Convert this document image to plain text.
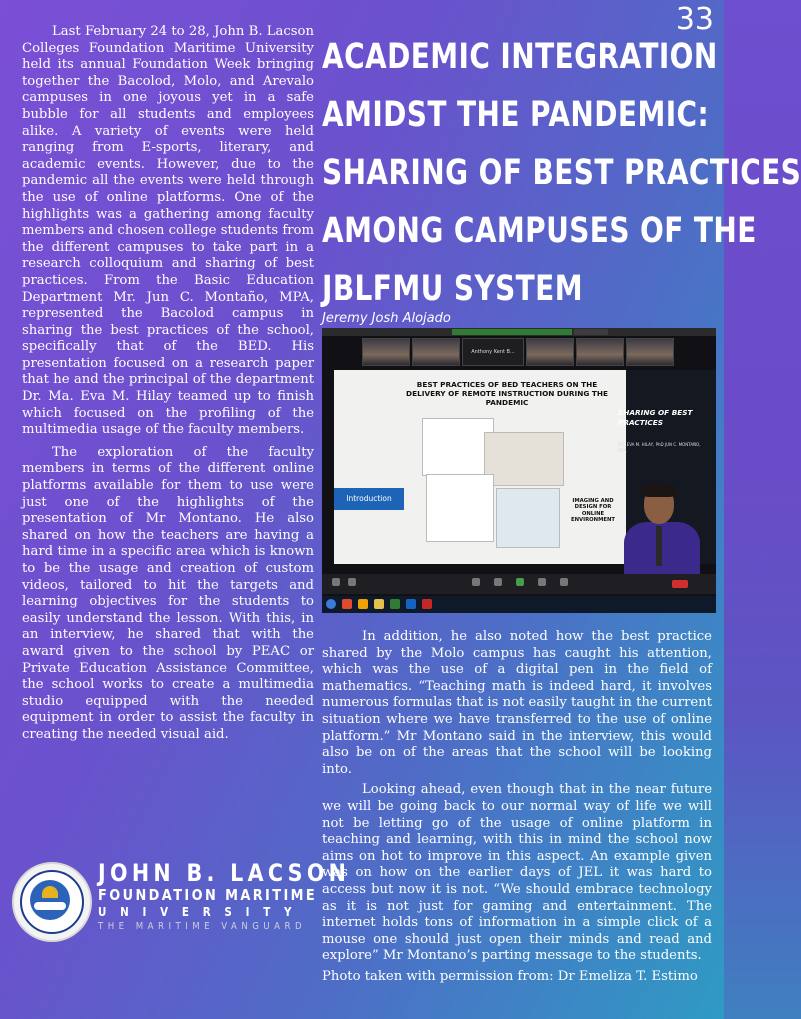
33
ACADEMIC INTEGRATION
AMIDST THE PANDEMIC:
SHARING OF BEST PRACTICES
AMONG CAMPUSES OF THE
JBLFMU SYSTEM

Last February 24 to 28, John B. Lacson Colleges Foundation Maritime University held its annual Foundation Week bringing together the Bacolod, Molo, and Arevalo campuses in one joyous yet in a safe bubble for all students and employees alike. A variety of events were held ranging from E-sports, literary, and academic events. However, due to the pandemic all the events were held through the use of online platforms. One of the highlights was a gathering among faculty members and chosen college students from the different campuses to take part in a research colloquium and sharing of best practices. From the Basic Education Department Mr. Jun C. Montaño, MPA, represented the Bacolod campus in sharing the best practices of the school, specifically that of the BED. His presentation focused on a research paper that he and the principal of the department Dr. Ma. Eva M. Hilay teamed up to finish which focused on the profiling of the multimedia usage of the faculty members.

The exploration of the faculty members in terms of the different online platforms available for them to use were just one of the highlights of the presentation of Mr Montano. He also shared on how the teachers are having a hard time in a specific area which is known to be the usage and creation of custom videos, tailored to hit the targets and learning objectives for the students to easily understand the lesson. With this, in an interview, he shared that with the award given to the school by PEAC or Private Education Assistance Committee, the school works to create a multimedia studio equipped with the needed equipment in order to assist the faculty in creating the needed visual aid.

Jeremy Josh Alojado
Anthony Kent B...
BEST PRACTICES OF BED TEACHERS ON THE DELIVERY OF REMOTE INSTRUCTION DURING THE PANDEMIC
Introduction	IMAGING AND DESIGN FOR ONLINE ENVIRONMENT
SHARING OF BEST PRACTICES
MA. EVA M. HILAY, PhD JUN C. MONTAÑO, MPA

In addition, he also noted how the best practice shared by the Molo campus has caught his attention, which was the use of a digital pen in the field of mathematics. “Teaching math is indeed hard, it involves numerous formulas that is not easily taught in the current situation where we have transferred to the use of online platform.” Mr Montano said in the interview, this would also be on of the areas that the school will be looking into.

Looking ahead, even though that in the near future we will be going back to our normal way of life we will not be letting go of the usage of online platform in teaching and learning, with this in mind the school now aims on hot to improve in this aspect. An example given was on how on the earlier days of JEL it was hard to access but now it is not. “We should embrace technology as it is not just for gaming and entertainment. The internet holds tons of information in a simple click of a mouse one should just open their minds and read and explore” Mr Montano’s parting message to the students.

Photo taken with permission from: Dr Emeliza T. Estimo

JOHN B. LACSON
FOUNDATION MARITIME
UNIVERSITY
THE MARITIME VANGUARD
